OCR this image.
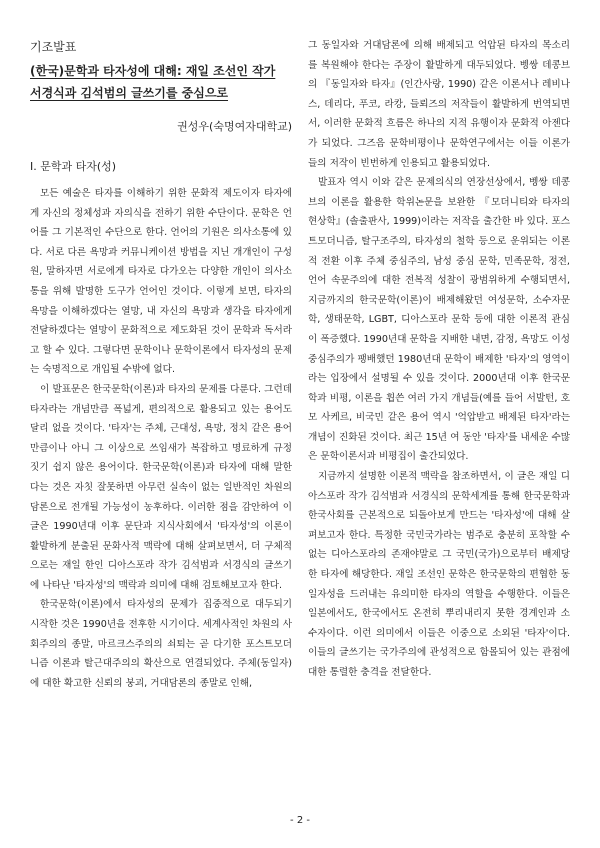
기조발표

(한국)문학과 타자성에 대해: 재일 조선인 작가
서경식과 김석범의 글쓰기를 중심으로

권성우(숙명여자대학교)

Ⅰ. 문학과 타자(성)

모든 예술은 타자를 이해하기 위한 문화적 제도이자 타자에게 자신의 정체성과 자의식을 전하기 위한 수단이다. 문학은 언어를 그 기본적인 수단으로 한다. 언어의 기원은 의사소통에 있다. 서로 다른 욕망과 커뮤니케이션 방법을 지닌 개개인이 구성원, 말하자면 서로에게 타자로 다가오는 다양한 개인이 의사소통을 위해 발명한 도구가 언어인 것이다. 이렇게 보면, 타자의 욕망을 이해하겠다는 열망, 내 자신의 욕망과 생각을 타자에게 전달하겠다는 열망이 문화적으로 제도화된 것이 문학과 독서라고 할 수 있다. 그렇다면 문학이나 문학이론에서 타자성의 문제는 숙명적으로 개입될 수밖에 없다.

이 발표문은 한국문학(이론)과 타자의 문제를 다룬다. 그런데 타자라는 개념만큼 폭넓게, 편의적으로 활용되고 있는 용어도 달리 없을 것이다. '타자'는 주체, 근대성, 욕망, 정치 같은 용어만큼이나 아니 그 이상으로 쓰임새가 복잡하고 명료하게 규정짓기 쉽지 않은 용어이다. 한국문학(이론)과 타자에 대해 말한다는 것은 자칫 잘못하면 아무런 실속이 없는 일반적인 차원의 담론으로 전개될 가능성이 농후하다. 이러한 점을 감안하여 이 글은 1990년대 이후 문단과 지식사회에서 '타자성'의 이론이 활발하게 분출된 문화사적 맥락에 대해 살펴보면서, 더 구체적으로는 재일 한인 디아스포라 작가 김석범과 서경식의 글쓰기에 나타난 '타자성'의 맥락과 의미에 대해 검토해보고자 한다.

한국문학(이론)에서 타자성의 문제가 집중적으로 대두되기 시작한 것은 1990년을 전후한 시기이다. 세계사적인 차원의 사회주의의 종말, 마르크스주의의 쇠퇴는 곧 다기한 포스트모더니즘 이론과 탈근대주의의 확산으로 연결되었다. 주체(동일자)에 대한 확고한 신뢰의 붕괴, 거대담론의 종말로 인해,

그 동일자와 거대담론에 의해 배제되고 억압된 타자의 목소리를 복원해야 한다는 주장이 활발하게 대두되었다. 벵쌍 데콩브의 『동일자와 타자』(인간사랑, 1990) 같은 이론서나 레비나스, 데리다, 푸코, 라캉, 들뢰즈의 저작들이 활발하게 번역되면서, 이러한 문화적 흐름은 하나의 지적 유행이자 문화적 아젠다가 되었다. 그즈음 문학비평이나 문학연구에서는 이들 이론가들의 저작이 빈번하게 인용되고 활용되었다.

발표자 역시 이와 같은 문제의식의 연장선상에서, 벵쌍 데콩브의 이론을 활용한 학위논문을 보완한 『모더니티와 타자의 현상학』(솔출판사, 1999)이라는 저작을 출간한 바 있다. 포스트모더니즘, 탈구조주의, 타자성의 철학 등으로 운위되는 이론적 전환 이후 주체 중심주의, 남성 중심 문학, 민족문학, 정전, 언어 속문주의에 대한 전복적 성찰이 광범위하게 수행되면서, 지금까지의 한국문학(이론)이 배제해왔던 여성문학, 소수자문학, 생태문학, LGBT, 디아스포라 문학 등에 대한 이론적 관심이 폭증했다. 1990년대 문학을 지배한 내면, 감정, 욕망도 이성중심주의가 팽배했던 1980년대 문학이 배제한 '타자'의 영역이라는 입장에서 설명될 수 있을 것이다. 2000년대 이후 한국문학과 비평, 이론을 휩쓴 여러 가지 개념들(예를 들어 서발턴, 호모 사케르, 비국민 같은 용어 역시 '억압받고 배제된 타자'라는 개념이 진화된 것이다. 최근 15년 여 동안 '타자'를 내세운 수많은 문학이론서과 비평집이 출간되었다.

지금까지 설명한 이론적 맥락을 참조하면서, 이 글은 재일 디아스포라 작가 김석범과 서경식의 문학세계를 통해 한국문학과 한국사회를 근본적으로 되돌아보게 만드는 '타자성'에 대해 살펴보고자 한다. 특정한 국민국가라는 범주로 충분히 포착할 수 없는 디아스포라의 존재야말로 그 국민(국가)으로부터 배제당한 타자에 해당한다. 재일 조선인 문학은 한국문학의 편협한 동일자성을 드러내는 유의미한 타자의 역할을 수행한다. 이들은 일본에서도, 한국에서도 온전히 뿌리내리지 못한 경계인과 소수자이다. 이런 의미에서 이들은 이중으로 소외된 '타자'이다. 이들의 글쓰기는 국가주의에 관성적으로 함몰되어 있는 관점에 대한 통렬한 충격을 전달한다.

- 2 -
